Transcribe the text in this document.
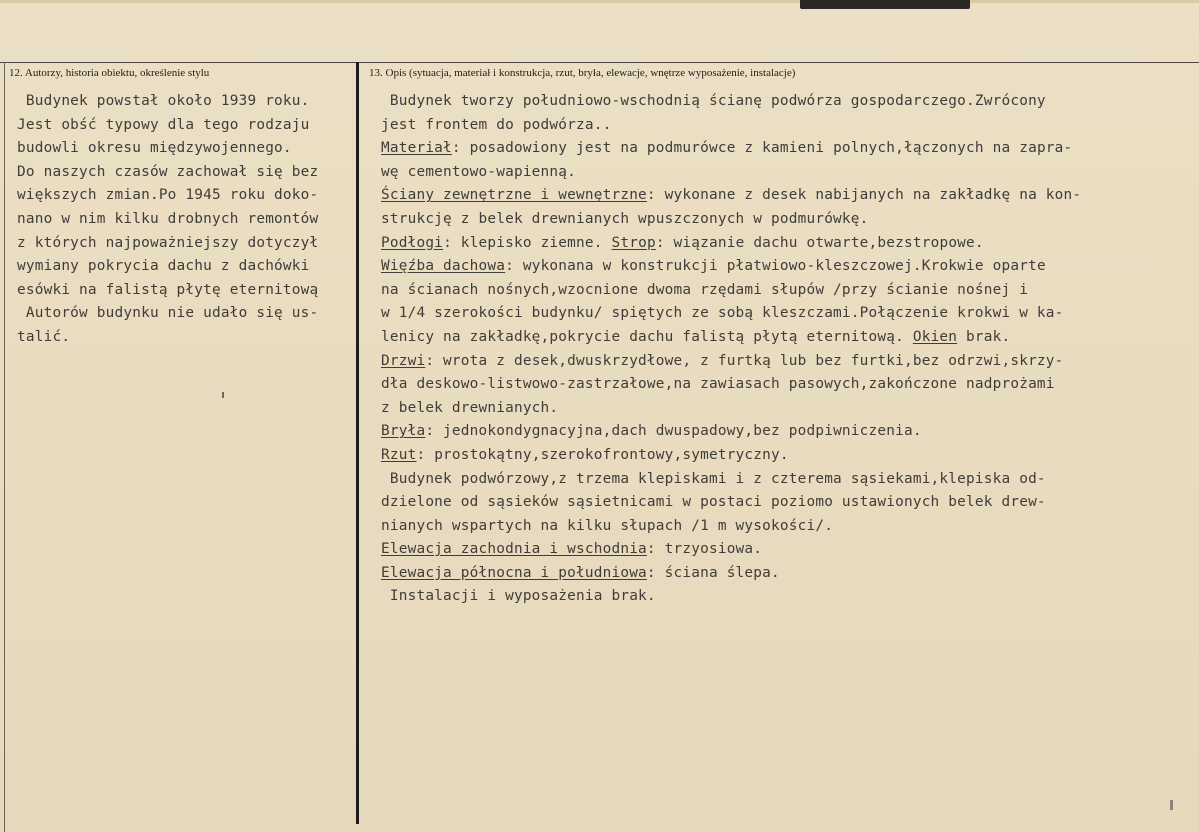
12. Autorzy, historia obiektu, określenie stylu	13. Opis (sytuacja, materiał i konstrukcja, rzut, bryła, elewacje, wnętrze wyposażenie, instalacje)
Budynek powstał około 1939 roku.
Jest ⁠obść typowy dla tego rodzaju
budowli okresu międzywojennego.
Do naszych czasów zachował się bez
większych zmian.Po 1945 roku doko-
nano w nim kilku drobnych remontów
z których najpoważniejszy dotyczył
wymiany pokrycia dachu z dachówki
esówki na falistą płytę eternitową
Autorów budynku nie udało się us-
talić.
Budynek tworzy południowo-wschodnią ścianę podwórza gospodarczego.Zwrócony
jest frontem do podwórza..
Materiał: posadowiony jest na podmurówce z kamieni polnych,łączonych na zapra-
wę cementowo-wapienną.
Ściany zewnętrzne i wewnętrzne: wykonane z desek nabijanych na zakładkę na kon-
strukcję z belek drewnianych wpuszczonych w podmurówkę.
Podłogi: klepisko ziemne. Strop: wiązanie dachu otwarte,bezstropowe.
Więźba dachowa: wykonana w konstrukcji płatwiowo-kleszczowej.Krokwie oparte
na ścianach nośnych,wzocnione dwoma rzędami słupów /przy ścianie nośnej i
w 1/4 szerokości budynku/ spiętych ze sobą kleszczami.Połączenie krokwi w ka-
lenicy na zakładkę,pokrycie dachu falistą płytą eternitową. Okien brak.
Drzwi: wrota z desek,dwuskrzydłowe, z furtką lub bez furtki,bez odrzwi,skrzy-
dła deskowo-listwowo-zastrzałowe,na zawiasach pasowych,zakończone nadprożami
z belek drewnianych.
Bryła: jednokondygnacyjna,dach dwuspadowy,bez podpiwniczenia.
Rzut: prostokątny,szerokofrontowy,symetryczny.
Budynek podwórzowy,z trzema klepiskami i z czterema sąsiekami,klepiska od-
dzielone od sąsieków sąsietnicami w postaci poziomo ustawionych belek drew-
nianych wspartych na kilku słupach /1 m wysokości/.
Elewacja zachodnia i wschodnia: trzyosiowa.
Elewacja północna i południowa: ściana ślepa.
Instalacji i wyposażenia brak.
